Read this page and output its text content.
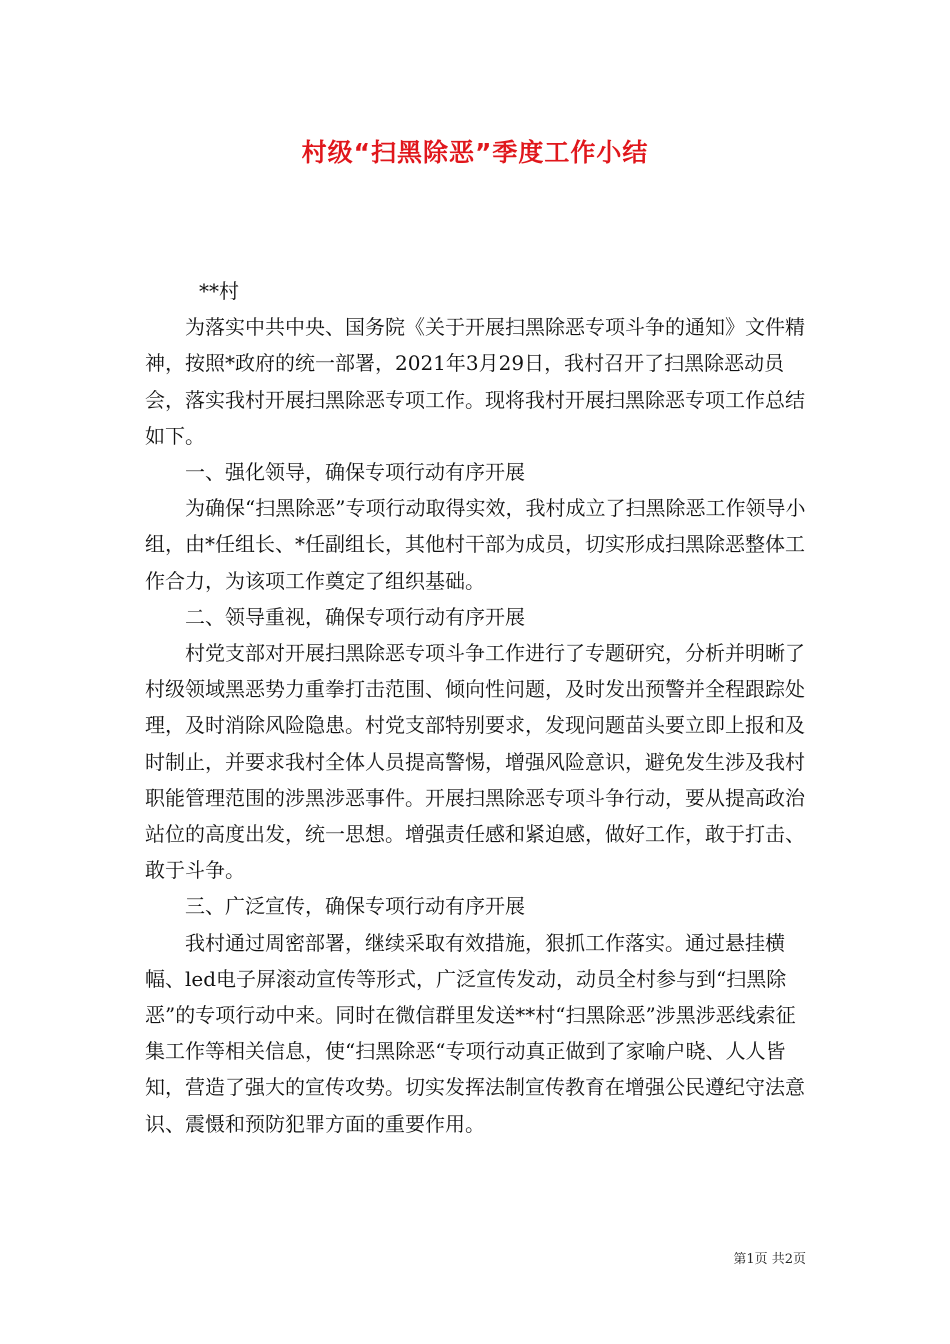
村级“扫黑除恶”季度工作小结

**村

为落实中共中央、国务院《关于开展扫黑除恶专项斗争的通知》文件精神，按照*政府的统一部署，2021年3月29日，我村召开了扫黑除恶动员会，落实我村开展扫黑除恶专项工作。现将我村开展扫黑除恶专项工作总结如下。

一、强化领导，确保专项行动有序开展

为确保“扫黑除恶”专项行动取得实效，我村成立了扫黑除恶工作领导小组，由*任组长、*任副组长，其他村干部为成员，切实形成扫黑除恶整体工作合力，为该项工作奠定了组织基础。

二、领导重视，确保专项行动有序开展

村党支部对开展扫黑除恶专项斗争工作进行了专题研究，分析并明晰了村级领域黑恶势力重拳打击范围、倾向性问题，及时发出预警并全程跟踪处理，及时消除风险隐患。村党支部特别要求，发现问题苗头要立即上报和及时制止，并要求我村全体人员提高警惕，增强风险意识，避免发生涉及我村职能管理范围的涉黑涉恶事件。开展扫黑除恶专项斗争行动，要从提高政治站位的高度出发，统一思想。增强责任感和紧迫感，做好工作，敢于打击、敢于斗争。

三、广泛宣传，确保专项行动有序开展

我村通过周密部署，继续采取有效措施，狠抓工作落实。通过悬挂横幅、led电子屏滚动宣传等形式，广泛宣传发动，动员全村参与到“扫黑除恶”的专项行动中来。同时在微信群里发送**村“扫黑除恶”涉黑涉恶线索征集工作等相关信息，使“扫黑除恶“专项行动真正做到了家喻户晓、人人皆知，营造了强大的宣传攻势。切实发挥法制宣传教育在增强公民遵纪守法意识、震慑和预防犯罪方面的重要作用。

第1页 共2页
